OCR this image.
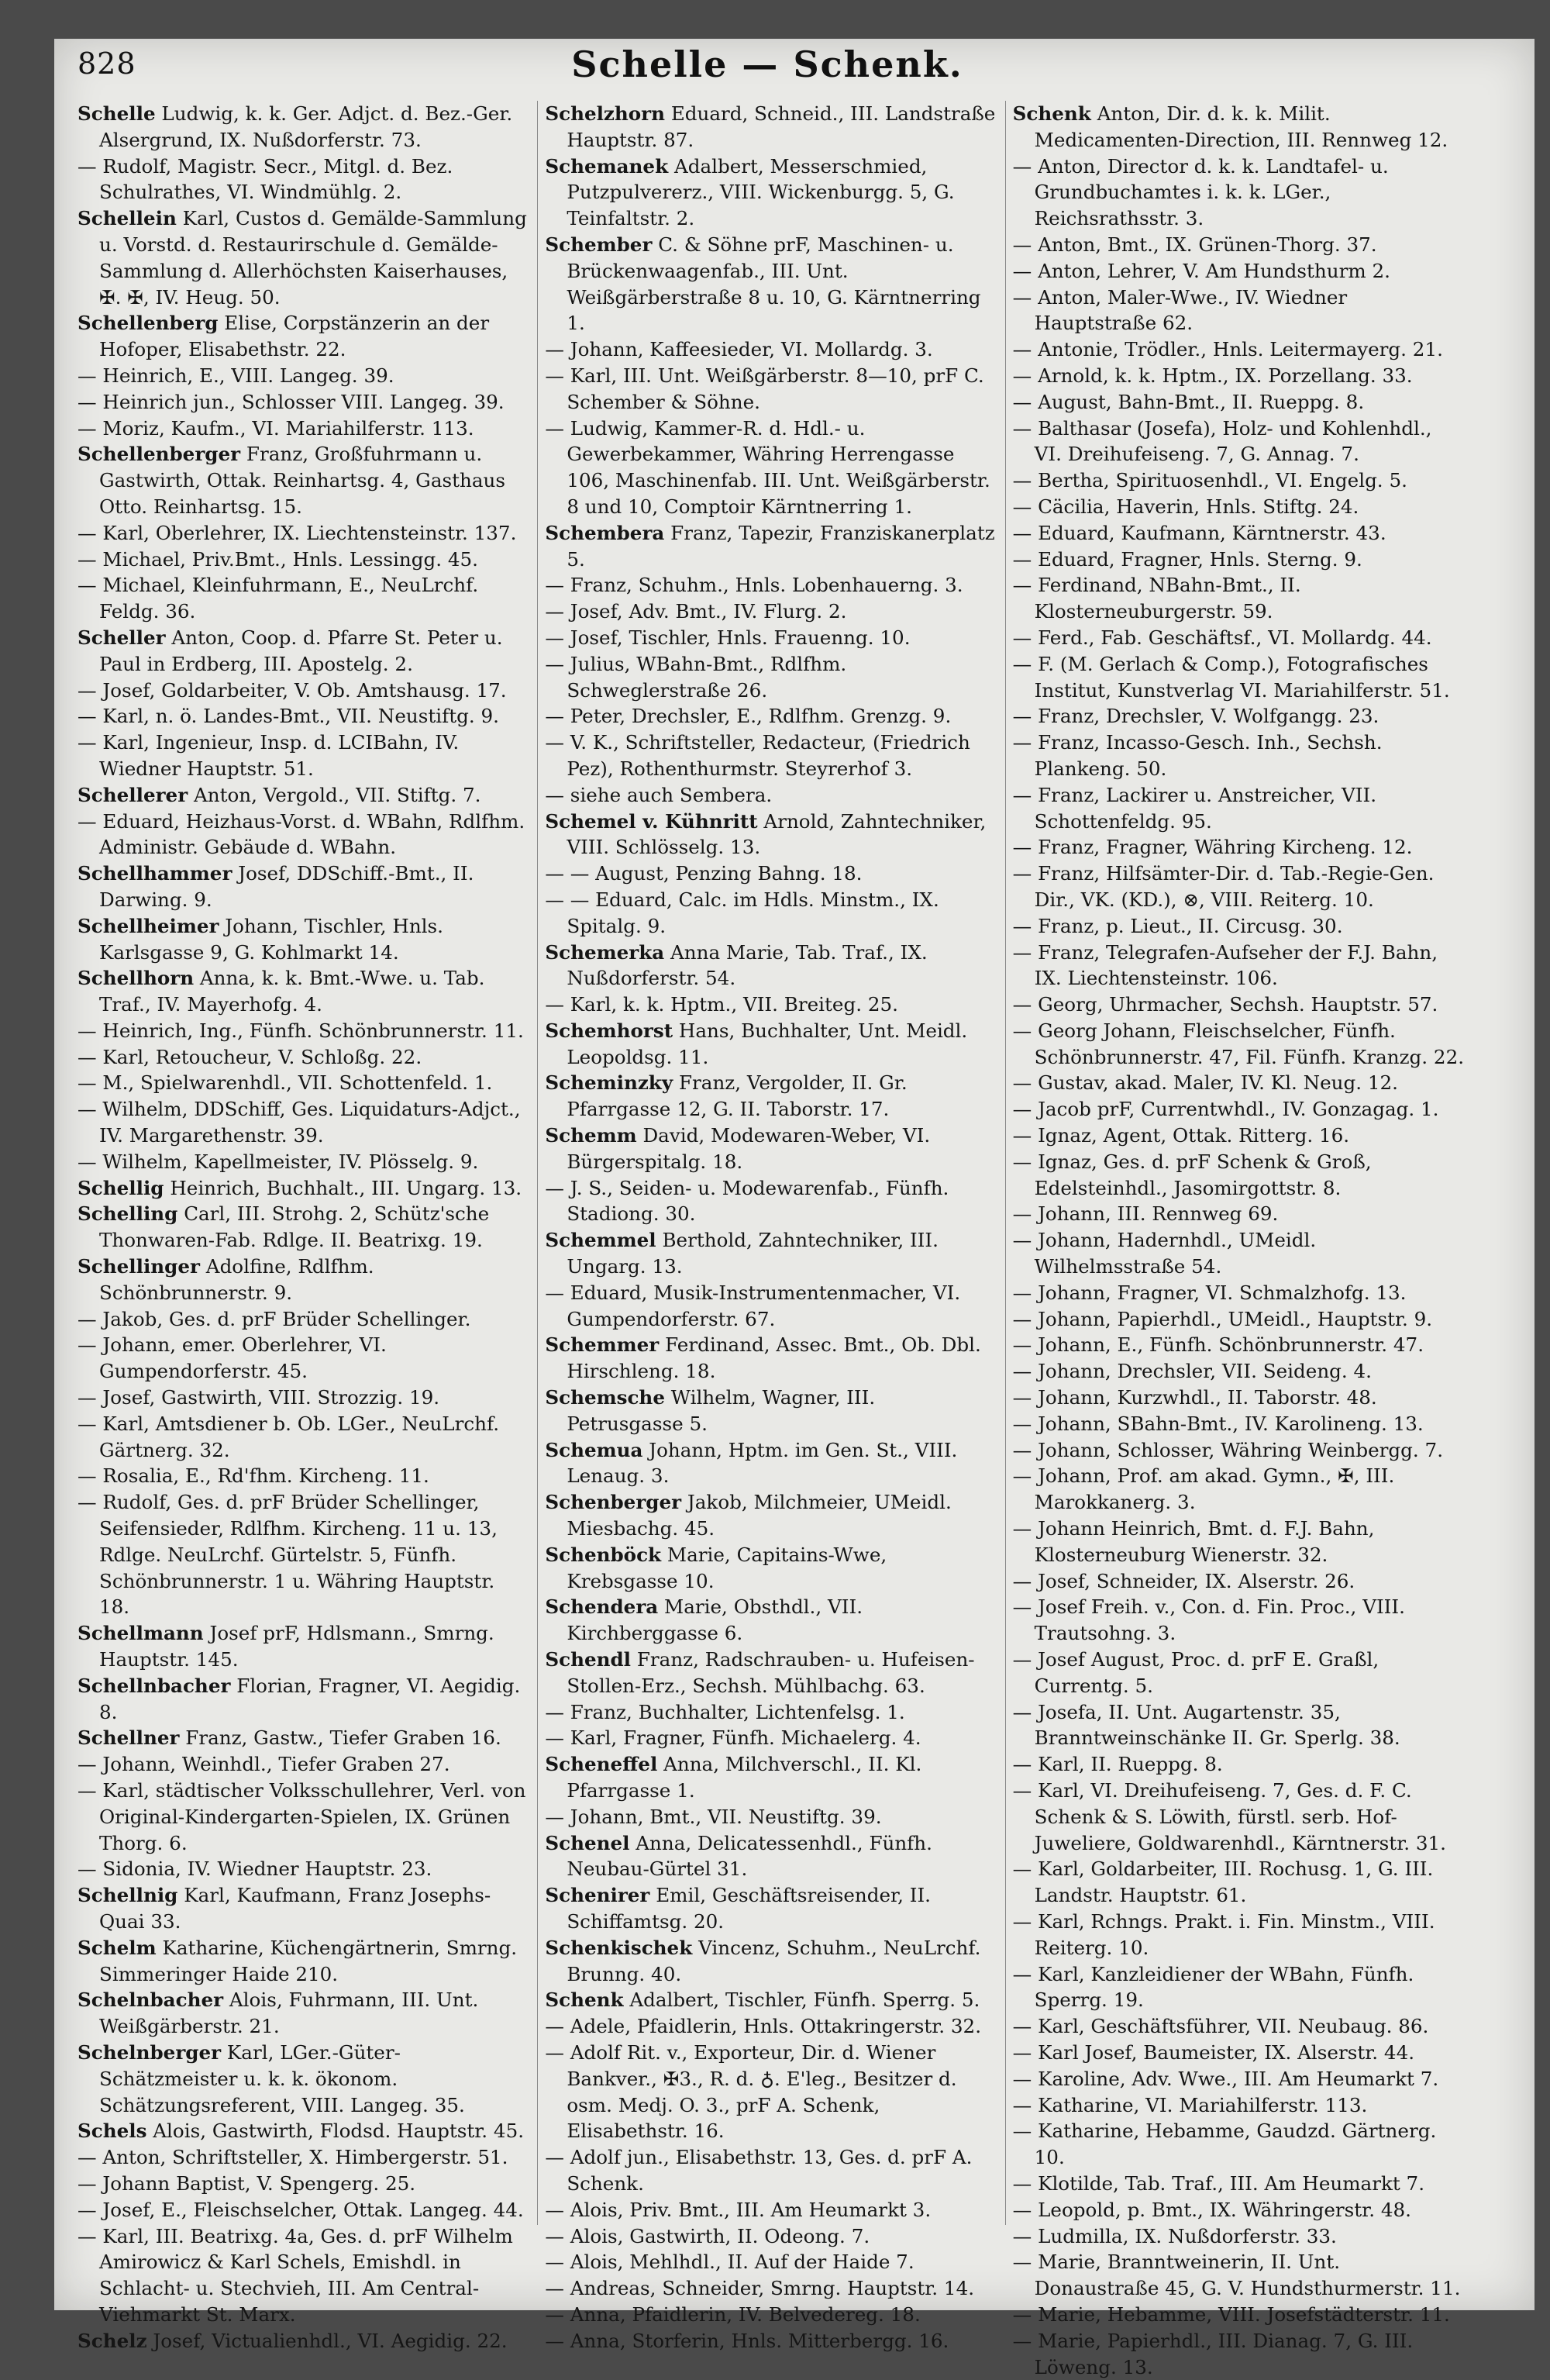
828	Schelle — Schenk.

Schelle Ludwig, k. k. Ger. Adjct. d. Bez.-Ger. Alsergrund, IX. Nußdorferstr. 73.

— Rudolf, Magistr. Secr., Mitgl. d. Bez. Schulrathes, VI. Windmühlg. 2.

Schellein Karl, Custos d. Gemälde-Sammlung u. Vorstd. d. Restaurirschule d. Gemälde-Sammlung d. Allerhöchsten Kaiserhauses, ✠. ✠, IV. Heug. 50.

Schellenberg Elise, Corpstänzerin an der Hofoper, Elisabethstr. 22.

— Heinrich, E., VIII. Langeg. 39.

— Heinrich jun., Schlosser VIII. Langeg. 39.

— Moriz, Kaufm., VI. Mariahilferstr. 113.

Schellenberger Franz, Großfuhrmann u. Gastwirth, Ottak. Reinhartsg. 4, Gasthaus Otto. Reinhartsg. 15.

— Karl, Oberlehrer, IX. Liechtensteinstr. 137.

— Michael, Priv.Bmt., Hnls. Lessingg. 45.

— Michael, Kleinfuhrmann, E., NeuLrchf. Feldg. 36.

Scheller Anton, Coop. d. Pfarre St. Peter u. Paul in Erdberg, III. Apostelg. 2.

— Josef, Goldarbeiter, V. Ob. Amtshausg. 17.

— Karl, n. ö. Landes-Bmt., VII. Neustiftg. 9.

— Karl, Ingenieur, Insp. d. LCIBahn, IV. Wiedner Hauptstr. 51.

Schellerer Anton, Vergold., VII. Stiftg. 7.

— Eduard, Heizhaus-Vorst. d. WBahn, Rdlfhm. Administr. Gebäude d. WBahn.

Schellhammer Josef, DDSchiff.-Bmt., II. Darwing. 9.

Schellheimer Johann, Tischler, Hnls. Karlsgasse 9, G. Kohlmarkt 14.

Schellhorn Anna, k. k. Bmt.-Wwe. u. Tab. Traf., IV. Mayerhofg. 4.

— Heinrich, Ing., Fünfh. Schönbrunnerstr. 11.

— Karl, Retoucheur, V. Schloßg. 22.

— M., Spielwarenhdl., VII. Schottenfeld. 1.

— Wilhelm, DDSchiff, Ges. Liquidaturs-Adjct., IV. Margarethenstr. 39.

— Wilhelm, Kapellmeister, IV. Plösselg. 9.

Schellig Heinrich, Buchhalt., III. Ungarg. 13.

Schelling Carl, III. Strohg. 2, Schütz'sche Thonwaren-Fab. Rdlge. II. Beatrixg. 19.

Schellinger Adolfine, Rdlfhm. Schönbrunnerstr. 9.

— Jakob, Ges. d. prF Brüder Schellinger.

— Johann, emer. Oberlehrer, VI. Gumpendorferstr. 45.

— Josef, Gastwirth, VIII. Strozzig. 19.

— Karl, Amtsdiener b. Ob. LGer., NeuLrchf. Gärtnerg. 32.

— Rosalia, E., Rd'fhm. Kircheng. 11.

— Rudolf, Ges. d. prF Brüder Schellinger, Seifensieder, Rdlfhm. Kircheng. 11 u. 13, Rdlge. NeuLrchf. Gürtelstr. 5, Fünfh. Schönbrunnerstr. 1 u. Währing Hauptstr. 18.

Schellmann Josef prF, Hdlsmann., Smrng. Hauptstr. 145.

Schellnbacher Florian, Fragner, VI. Aegidig. 8.

Schellner Franz, Gastw., Tiefer Graben 16.

— Johann, Weinhdl., Tiefer Graben 27.

— Karl, städtischer Volksschullehrer, Verl. von Original-Kindergarten-Spielen, IX. Grünen Thorg. 6.

— Sidonia, IV. Wiedner Hauptstr. 23.

Schellnig Karl, Kaufmann, Franz Josephs-Quai 33.

Schelm Katharine, Küchengärtnerin, Smrng. Simmeringer Haide 210.

Schelnbacher Alois, Fuhrmann, III. Unt. Weißgärberstr. 21.

Schelnberger Karl, LGer.-Güter-Schätzmeister u. k. k. ökonom. Schätzungsreferent, VIII. Langeg. 35.

Schels Alois, Gastwirth, Flodsd. Hauptstr. 45.

— Anton, Schriftsteller, X. Himbergerstr. 51.

— Johann Baptist, V. Spengerg. 25.

— Josef, E., Fleischselcher, Ottak. Langeg. 44.

— Karl, III. Beatrixg. 4a, Ges. d. prF Wilhelm Amirowicz & Karl Schels, Emishdl. in Schlacht- u. Stechvieh, III. Am Central-Viehmarkt St. Marx.

Schelz Josef, Victualienhdl., VI. Aegidig. 22.

Schelzhorn Eduard, Schneid., III. Landstraße Hauptstr. 87.

Schemanek Adalbert, Messerschmied, Putzpulvererz., VIII. Wickenburgg. 5, G. Teinfaltstr. 2.

Schember C. & Söhne prF, Maschinen- u. Brückenwaagenfab., III. Unt. Weißgärberstraße 8 u. 10, G. Kärntnerring 1.

— Johann, Kaffeesieder, VI. Mollardg. 3.

— Karl, III. Unt. Weißgärberstr. 8—10, prF C. Schember & Söhne.

— Ludwig, Kammer-R. d. Hdl.- u. Gewerbekammer, Währing Herrengasse 106, Maschinenfab. III. Unt. Weißgärberstr. 8 und 10, Comptoir Kärntnerring 1.

Schembera Franz, Tapezir, Franziskanerplatz 5.

— Franz, Schuhm., Hnls. Lobenhauerng. 3.

— Josef, Adv. Bmt., IV. Flurg. 2.

— Josef, Tischler, Hnls. Frauenng. 10.

— Julius, WBahn-Bmt., Rdlfhm. Schweglerstraße 26.

— Peter, Drechsler, E., Rdlfhm. Grenzg. 9.

— V. K., Schriftsteller, Redacteur, (Friedrich Pez), Rothenthurmstr. Steyrerhof 3.

— siehe auch Sembera.

Schemel v. Kühnritt Arnold, Zahntechniker, VIII. Schlösselg. 13.

— — August, Penzing Bahng. 18.

— — Eduard, Calc. im Hdls. Minstm., IX. Spitalg. 9.

Schemerka Anna Marie, Tab. Traf., IX. Nußdorferstr. 54.

— Karl, k. k. Hptm., VII. Breiteg. 25.

Schemhorst Hans, Buchhalter, Unt. Meidl. Leopoldsg. 11.

Scheminzky Franz, Vergolder, II. Gr. Pfarrgasse 12, G. II. Taborstr. 17.

Schemm David, Modewaren-Weber, VI. Bürgerspitalg. 18.

— J. S., Seiden- u. Modewarenfab., Fünfh. Stadiong. 30.

Schemmel Berthold, Zahntechniker, III. Ungarg. 13.

— Eduard, Musik-Instrumentenmacher, VI. Gumpendorferstr. 67.

Schemmer Ferdinand, Assec. Bmt., Ob. Dbl. Hirschleng. 18.

Schemsche Wilhelm, Wagner, III. Petrusgasse 5.

Schemua Johann, Hptm. im Gen. St., VIII. Lenaug. 3.

Schenberger Jakob, Milchmeier, UMeidl. Miesbachg. 45.

Schenböck Marie, Capitains-Wwe, Krebsgasse 10.

Schendera Marie, Obsthdl., VII. Kirchberggasse 6.

Schendl Franz, Radschrauben- u. Hufeisen-Stollen-Erz., Sechsh. Mühlbachg. 63.

— Franz, Buchhalter, Lichtenfelsg. 1.

— Karl, Fragner, Fünfh. Michaelerg. 4.

Scheneffel Anna, Milchverschl., II. Kl. Pfarrgasse 1.

— Johann, Bmt., VII. Neustiftg. 39.

Schenel Anna, Delicatessenhdl., Fünfh. Neubau-Gürtel 31.

Schenirer Emil, Geschäftsreisender, II. Schiffamtsg. 20.

Schenkischek Vincenz, Schuhm., NeuLrchf. Brunng. 40.

Schenk Adalbert, Tischler, Fünfh. Sperrg. 5.

— Adele, Pfaidlerin, Hnls. Ottakringerstr. 32.

— Adolf Rit. v., Exporteur, Dir. d. Wiener Bankver., ✠3., R. d. ♁. E'leg., Besitzer d. osm. Medj. O. 3., prF A. Schenk, Elisabethstr. 16.

— Adolf jun., Elisabethstr. 13, Ges. d. prF A. Schenk.

— Alois, Priv. Bmt., III. Am Heumarkt 3.

— Alois, Gastwirth, II. Odeong. 7.

— Alois, Mehlhdl., II. Auf der Haide 7.

— Andreas, Schneider, Smrng. Hauptstr. 14.

— Anna, Pfaidlerin, IV. Belvedereg. 18.

— Anna, Storferin, Hnls. Mitterbergg. 16.

Schenk Anton, Dir. d. k. k. Milit. Medicamenten-Direction, III. Rennweg 12.

— Anton, Director d. k. k. Landtafel- u. Grundbuchamtes i. k. k. LGer., Reichsrathsstr. 3.

— Anton, Bmt., IX. Grünen-Thorg. 37.

— Anton, Lehrer, V. Am Hundsthurm 2.

— Anton, Maler-Wwe., IV. Wiedner Hauptstraße 62.

— Antonie, Trödler., Hnls. Leitermayerg. 21.

— Arnold, k. k. Hptm., IX. Porzellang. 33.

— August, Bahn-Bmt., II. Rueppg. 8.

— Balthasar (Josefa), Holz- und Kohlenhdl., VI. Dreihufeiseng. 7, G. Annag. 7.

— Bertha, Spirituosenhdl., VI. Engelg. 5.

— Cäcilia, Haverin, Hnls. Stiftg. 24.

— Eduard, Kaufmann, Kärntnerstr. 43.

— Eduard, Fragner, Hnls. Sterng. 9.

— Ferdinand, NBahn-Bmt., II. Klosterneuburgerstr. 59.

— Ferd., Fab. Geschäftsf., VI. Mollardg. 44.

— F. (M. Gerlach & Comp.), Fotografisches Institut, Kunstverlag VI. Mariahilferstr. 51.

— Franz, Drechsler, V. Wolfgangg. 23.

— Franz, Incasso-Gesch. Inh., Sechsh. Plankeng. 50.

— Franz, Lackirer u. Anstreicher, VII. Schottenfeldg. 95.

— Franz, Fragner, Währing Kircheng. 12.

— Franz, Hilfsämter-Dir. d. Tab.-Regie-Gen. Dir., VK. (KD.), ⊗, VIII. Reiterg. 10.

— Franz, p. Lieut., II. Circusg. 30.

— Franz, Telegrafen-Aufseher der F.J. Bahn, IX. Liechtensteinstr. 106.

— Georg, Uhrmacher, Sechsh. Hauptstr. 57.

— Georg Johann, Fleischselcher, Fünfh. Schönbrunnerstr. 47, Fil. Fünfh. Kranzg. 22.

— Gustav, akad. Maler, IV. Kl. Neug. 12.

— Jacob prF, Currentwhdl., IV. Gonzagag. 1.

— Ignaz, Agent, Ottak. Ritterg. 16.

— Ignaz, Ges. d. prF Schenk & Groß, Edelsteinhdl., Jasomirgottstr. 8.

— Johann, III. Rennweg 69.

— Johann, Hadernhdl., UMeidl. Wilhelmsstraße 54.

— Johann, Fragner, VI. Schmalzhofg. 13.

— Johann, Papierhdl., UMeidl., Hauptstr. 9.

— Johann, E., Fünfh. Schönbrunnerstr. 47.

— Johann, Drechsler, VII. Seideng. 4.

— Johann, Kurzwhdl., II. Taborstr. 48.

— Johann, SBahn-Bmt., IV. Karolineng. 13.

— Johann, Schlosser, Währing Weinbergg. 7.

— Johann, Prof. am akad. Gymn., ✠, III. Marokkanerg. 3.

— Johann Heinrich, Bmt. d. F.J. Bahn, Klosterneuburg Wienerstr. 32.

— Josef, Schneider, IX. Alserstr. 26.

— Josef Freih. v., Con. d. Fin. Proc., VIII. Trautsohng. 3.

— Josef August, Proc. d. prF E. Graßl, Currentg. 5.

— Josefa, II. Unt. Augartenstr. 35, Branntweinschänke II. Gr. Sperlg. 38.

— Karl, II. Rueppg. 8.

— Karl, VI. Dreihufeiseng. 7, Ges. d. F. C. Schenk & S. Löwith, fürstl. serb. Hof-Juweliere, Goldwarenhdl., Kärntnerstr. 31.

— Karl, Goldarbeiter, III. Rochusg. 1, G. III. Landstr. Hauptstr. 61.

— Karl, Rchngs. Prakt. i. Fin. Minstm., VIII. Reiterg. 10.

— Karl, Kanzleidiener der WBahn, Fünfh. Sperrg. 19.

— Karl, Geschäftsführer, VII. Neubaug. 86.

— Karl Josef, Baumeister, IX. Alserstr. 44.

— Karoline, Adv. Wwe., III. Am Heumarkt 7.

— Katharine, VI. Mariahilferstr. 113.

— Katharine, Hebamme, Gaudzd. Gärtnerg. 10.

— Klotilde, Tab. Traf., III. Am Heumarkt 7.

— Leopold, p. Bmt., IX. Währingerstr. 48.

— Ludmilla, IX. Nußdorferstr. 33.

— Marie, Branntweinerin, II. Unt. Donaustraße 45, G. V. Hundsthurmerstr. 11.

— Marie, Hebamme, VIII. Josefstädterstr. 11.

— Marie, Papierhdl., III. Dianag. 7, G. III. Löweng. 13.
